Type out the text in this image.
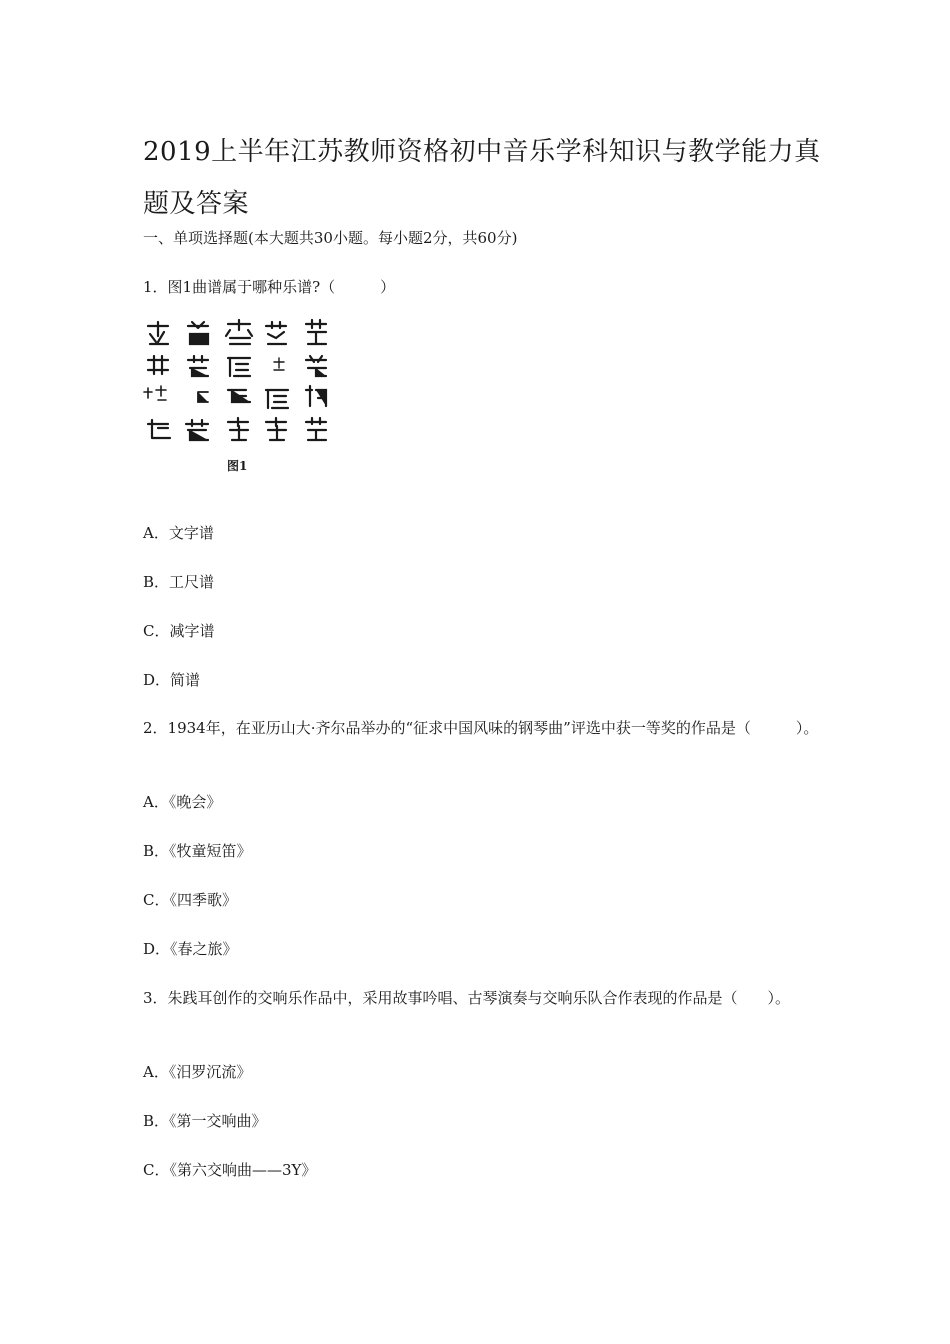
2019上半年江苏教师资格初中音乐学科知识与教学能力真题及答案
一、单项选择题(本大题共30小题。每小题2分，共60分)
1．图1曲谱属于哪种乐谱?（　　　）
图1
A．文字谱
B．工尺谱
C．减字谱
D．简谱
2．1934年，在亚历山大·齐尔品举办的“征求中国风味的钢琴曲”评选中获一等奖的作品是（　　　）。
A．《晚会》
B．《牧童短笛》
C．《四季歌》
D．《春之旅》
3．朱践耳创作的交响乐作品中，采用故事吟唱、古琴演奏与交响乐队合作表现的作品是（　　）。
A．《汨罗沉流》
B．《第一交响曲》
C．《第六交响曲——3Y》
